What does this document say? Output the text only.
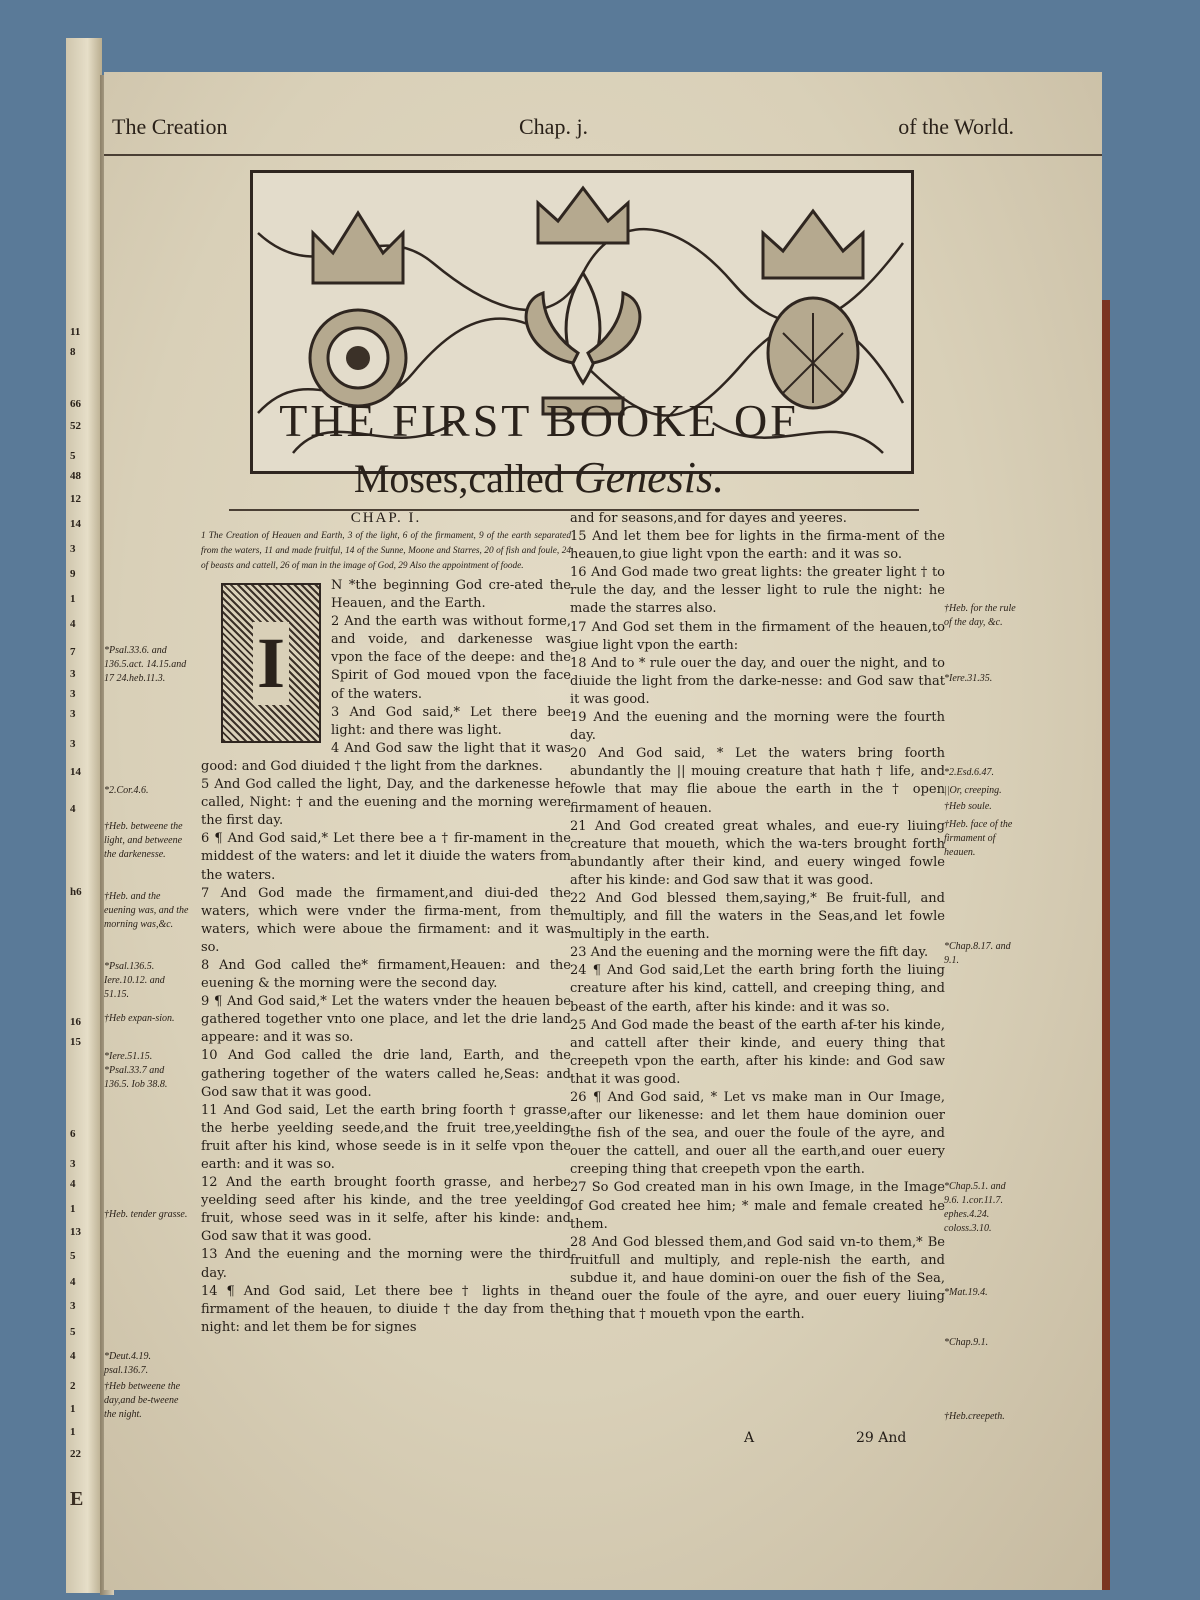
11
8
66
52
5
48
12
14
3
9
1
4
7
3
3
3
3
14
4
h6
16
15
6
3
4
1
13
5
4
3
5
4
2
1
1
22
E
The Creation	Chap. j.	of the World.
THE FIRST BOOKE OF
Moses,called Genesis.
CHAP. I.

1 The Creation of Heauen and Earth, 3 of the light, 6 of the firmament, 9 of the earth separated from the waters, 11 and made fruitful, 14 of the Sunne, Moone and Starres, 20 of fish and foule, 24 of beasts and cattell, 26 of man in the image of God, 29 Also the appointment of foode.

I

N *the beginning God cre-ated the Heauen, and the Earth.

2 And the earth was without forme, and voide, and darkenesse was vpon the face of the deepe: and the Spirit of God moued vpon the face of the waters.

3 And God said,* Let there bee light: and there was light.

4 And God saw the light that it was good: and God diuided † the light from the darknes.

5 And God called the light, Day, and the darkenesse he called, Night: † and the euening and the morning were the first day.

6 ¶ And God said,* Let there bee a † fir-mament in the middest of the waters: and let it diuide the waters from the waters.

7 And God made the firmament,and diui-ded the waters, which were vnder the firma-ment, from the waters, which were aboue the firmament: and it was so.

8 And God called the* firmament,Heauen: and the euening & the morning were the second day.

9 ¶ And God said,* Let the waters vnder the heauen be gathered together vnto one place, and let the drie land appeare: and it was so.

10 And God called the drie land, Earth, and the gathering together of the waters called he,Seas: and God saw that it was good.

11 And God said, Let the earth bring foorth † grasse, the herbe yeelding seede,and the fruit tree,yeelding fruit after his kind, whose seede is in it selfe vpon the earth: and it was so.

12 And the earth brought foorth grasse, and herbe yeelding seed after his kinde, and the tree yeelding fruit, whose seed was in it selfe, after his kinde: and God saw that it was good.

13 And the euening and the morning were the third day.

14 ¶ And God said, Let there bee † lights in the firmament of the heauen, to diuide † the day from the night: and let them be for signes

and for seasons,and for dayes and yeeres.

15 And let them bee for lights in the firma-ment of the heauen,to giue light vpon the earth: and it was so.

16 And God made two great lights: the greater light † to rule the day, and the lesser light to rule the night: he made the starres also.

17 And God set them in the firmament of the heauen,to giue light vpon the earth:

18 And to * rule ouer the day, and ouer the night, and to diuide the light from the darke-nesse: and God saw that it was good.

19 And the euening and the morning were the fourth day.

20 And God said, * Let the waters bring foorth abundantly the || mouing creature that hath † life, and fowle that may flie aboue the earth in the † open firmament of heauen.

21 And God created great whales, and eue-ry liuing creature that moueth, which the wa-ters brought forth abundantly after their kind, and euery winged fowle after his kinde: and God saw that it was good.

22 And God blessed them,saying,* Be fruit-full, and multiply, and fill the waters in the Seas,and let fowle multiply in the earth.

23 And the euening and the morning were the fift day.

24 ¶ And God said,Let the earth bring forth the liuing creature after his kind, cattell, and creeping thing, and beast of the earth, after his kinde: and it was so.

25 And God made the beast of the earth af-ter his kinde, and cattell after their kinde, and euery thing that creepeth vpon the earth, after his kinde: and God saw that it was good.

26 ¶ And God said, * Let vs make man in Our Image, after our likenesse: and let them haue dominion ouer the fish of the sea, and ouer the foule of the ayre, and ouer the cattell, and ouer all the earth,and ouer euery creeping thing that creepeth vpon the earth.

27 So God created man in his own Image, in the Image of God created hee him; * male and female created he them.

28 And God blessed them,and God said vn-to them,* Be fruitfull and multiply, and reple-nish the earth, and subdue it, and haue domini-on ouer the fish of the Sea, and ouer the foule of the ayre, and ouer euery liuing thing that † moueth vpon the earth.

*Psal.33.6. and 136.5.act. 14.15.and 17 24.heb.11.3.
*2.Cor.4.6.
†Heb. betweene the light, and betweene the darkenesse.
†Heb. and the euening was, and the morning was,&c.
*Psal.136.5. Iere.10.12. and 51.15.
†Heb expan-sion.
*Iere.51.15. *Psal.33.7 and 136.5. Iob 38.8.
†Heb. tender grasse.
*Deut.4.19. psal.136.7.
†Heb betweene the day,and be-tweene the night.
†Heb. for the rule of the day, &c.
*Iere.31.35.
*2.Esd.6.47.
||Or, creeping.
†Heb soule.
†Heb. face of the firmament of heauen.
*Chap.8.17. and 9.1.
*Chap.5.1. and 9.6. 1.cor.11.7. ephes.4.24. coloss.3.10.
*Mat.19.4.
*Chap.9.1.
†Heb.creepeth.
A	29 And
